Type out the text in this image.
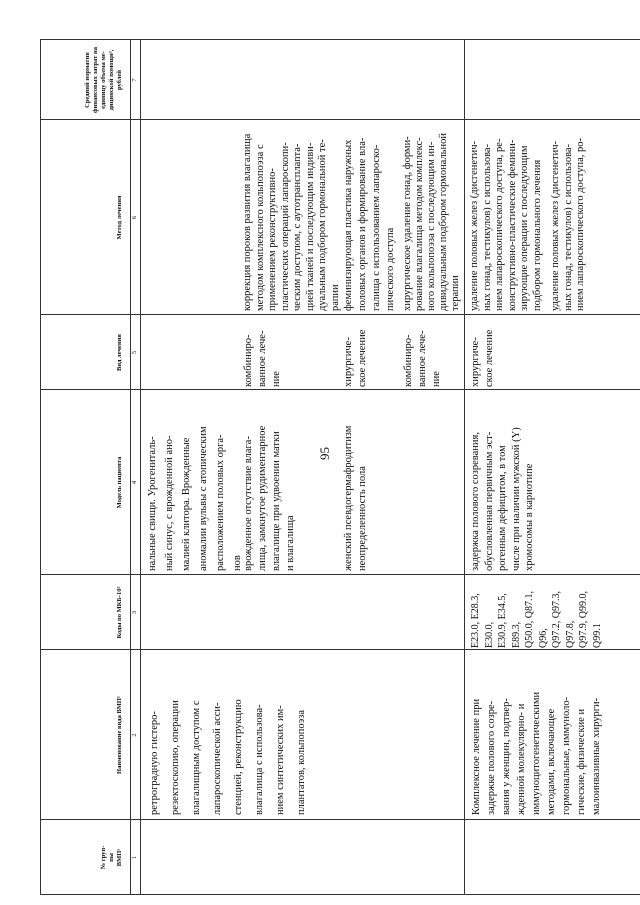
№ груп-
пы
ВМП¹
Наименование вида ВМП¹
Коды по МКБ-10²
Модель пациента
Вид лечения
Метод лечения
Средний норматив
финансовых затрат на
единицу объема ме-
дицинской помощи³,
рублей
1
2
3
4
5
6
7
ретроградную гистеро-
резектоскопию, операции
влагалищным доступом с
лапароскопической асси-
стенцией, реконструкцию
влагалища с использова-
нием синтетических им-
плантатов, кольпопоэза
нальные свищи. Урогениталь-
ный синус, с врожденной ано-
малией клитора. Врожденные
аномалии вульвы с атопическим
расположением половых орга-
нов врожденное отсутствие влага-
лища, замкнутое рудиментарное
влагалище при удвоении матки
и влагалища
комбиниро-
ванное лече-
ние
коррекция пороков развития влагалища
методом комплексного кольпопоэза с
применением реконструктивно-
пластических операций лапароскопи-
ческим доступом, с аутотрансплanта-
цией тканей и последующим индиви-
дуальным подбором гормональной те-
рапии
женский псевдогермафродитизм
неопределенность пола
хирургиче-
ское лечение
феминизирующая пластика наружных
половых органов и формирование вла-
галища с использованием лапароско-
пического доступа
комбиниро-
ванное лече-
ние
хирургическое удаление гонад, форми-
рование влагалища методом комплекс-
ного кольпопоэза с последующим ин-
дивидуальным подбором гормональной
терапии
Комплексное лечение при
задержке полового созре-
вания у женщин, подтвер-
жденной молекулярно- и
иммуноцитогенетическими
методами, включающее
гормональные, иммуноло-
гические, физические и
малоинвазивные хирурги-
E23.0, E28.3, E30.0,
E30.9, E34.5, E89.3,
Q50.0, Q87.1, Q96,
Q97.2, Q97.3, Q97.8,
Q97.9, Q99.0, Q99.1
задержка полового созревания,
обусловленная первичным эст-
рогенным дефицитом, в том
числе при наличии мужской (Y)
хромосомы в кариотипе
хирургиче-
ское лечение
удаление половых желез (дисгенетич-
ных гонад, тестикулов) с использова-
нием лапароскопического доступа, ре-
конструктивно-пластические фемини-
зирующие операции с последующим
подбором гормонального лечения
удаление половых желез (дисгенетич-
ных гонад, тестикулов) с использова-
нием лапароскопического доступа, ро-
95
